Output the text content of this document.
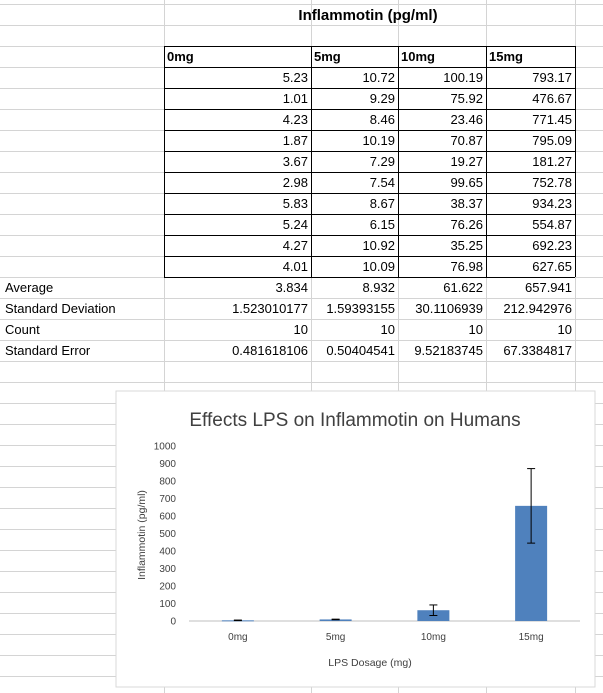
Inflammotin (pg/ml)
0mg	5mg	10mg	15mg
5.23	10.72	100.19	793.17
1.01	9.29	75.92	476.67
4.23	8.46	23.46	771.45
1.87	10.19	70.87	795.09
3.67	7.29	19.27	181.27
2.98	7.54	99.65	752.78
5.83	8.67	38.37	934.23
5.24	6.15	76.26	554.87
4.27	10.92	35.25	692.23
4.01	10.09	76.98	627.65
Average	3.834	8.932	61.622	657.941
Standard Deviation	1.523010177 1.59393155 30.1106939 212.942976
Count	10	10	10	10
Standard Error	0.481618106 0.50404541 9.52183745 67.3384817
Effects LPS on Inflammotin on Humans
Inflammotin (pg/ml)
LPS Dosage (mg)
0
100
200
300
400
500
600
700
800
900
1000
0mg	5mg	10mg	15mg
